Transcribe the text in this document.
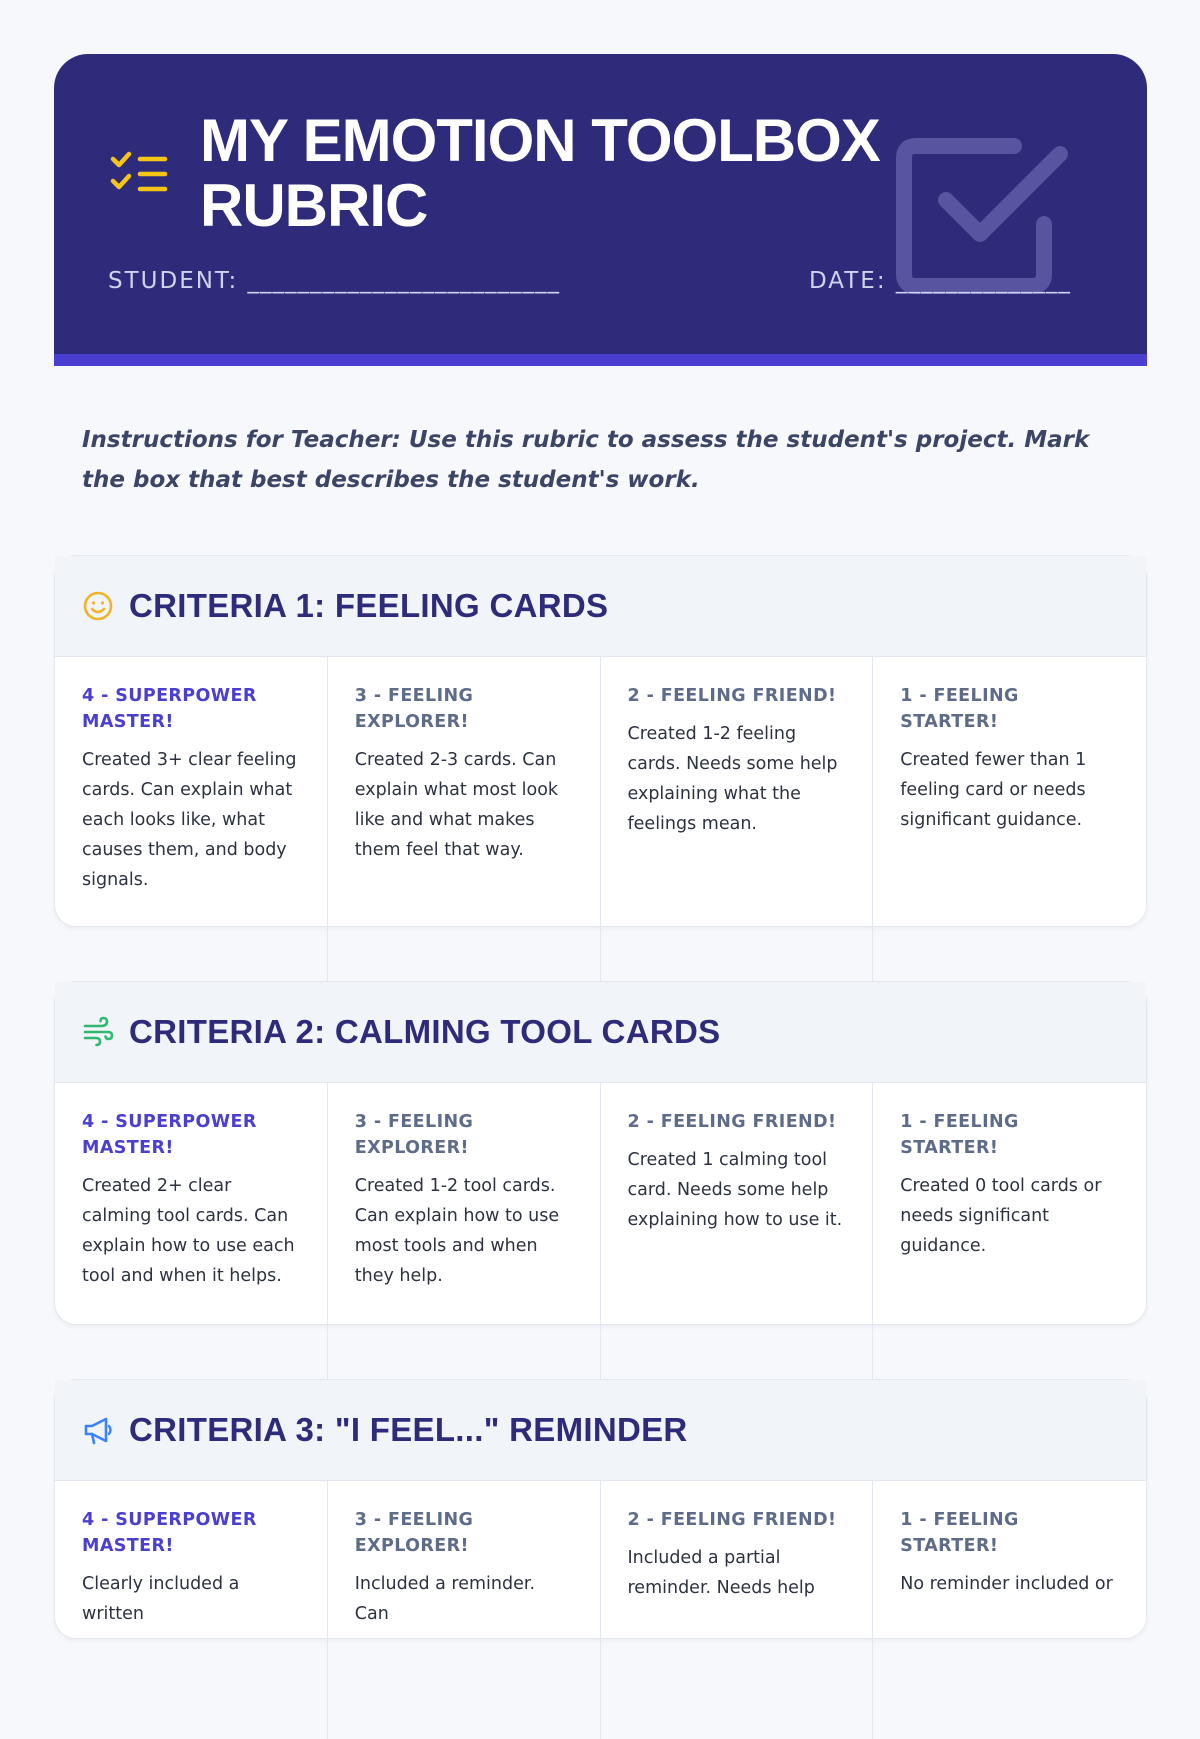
MY EMOTION TOOLBOX RUBRIC
STUDENT: _________________________	DATE: ______________
Instructions for Teacher: Use this rubric to assess the student's project. Mark the box that best describes the student's work.
CRITERIA 1: FEELING CARDS
4 - SUPERPOWER MASTER!
Created 3+ clear feeling cards. Can explain what each looks like, what causes them, and body signals.
3 - FEELING EXPLORER!
Created 2-3 cards. Can explain what most look like and what makes them feel that way.
2 - FEELING FRIEND!
Created 1-2 feeling cards. Needs some help explaining what the feelings mean.
1 - FEELING STARTER!
Created fewer than 1 feeling card or needs significant guidance.
CRITERIA 2: CALMING TOOL CARDS
4 - SUPERPOWER MASTER!
Created 2+ clear calming tool cards. Can explain how to use each tool and when it helps.
3 - FEELING EXPLORER!
Created 1-2 tool cards. Can explain how to use most tools and when they help.
2 - FEELING FRIEND!
Created 1 calming tool card. Needs some help explaining how to use it.
1 - FEELING STARTER!
Created 0 tool cards or needs significant guidance.
CRITERIA 3: "I FEEL..." REMINDER
4 - SUPERPOWER MASTER!
Clearly included a written
3 - FEELING EXPLORER!
Included a reminder. Can
2 - FEELING FRIEND!
Included a partial reminder. Needs help
1 - FEELING STARTER!
No reminder included or
